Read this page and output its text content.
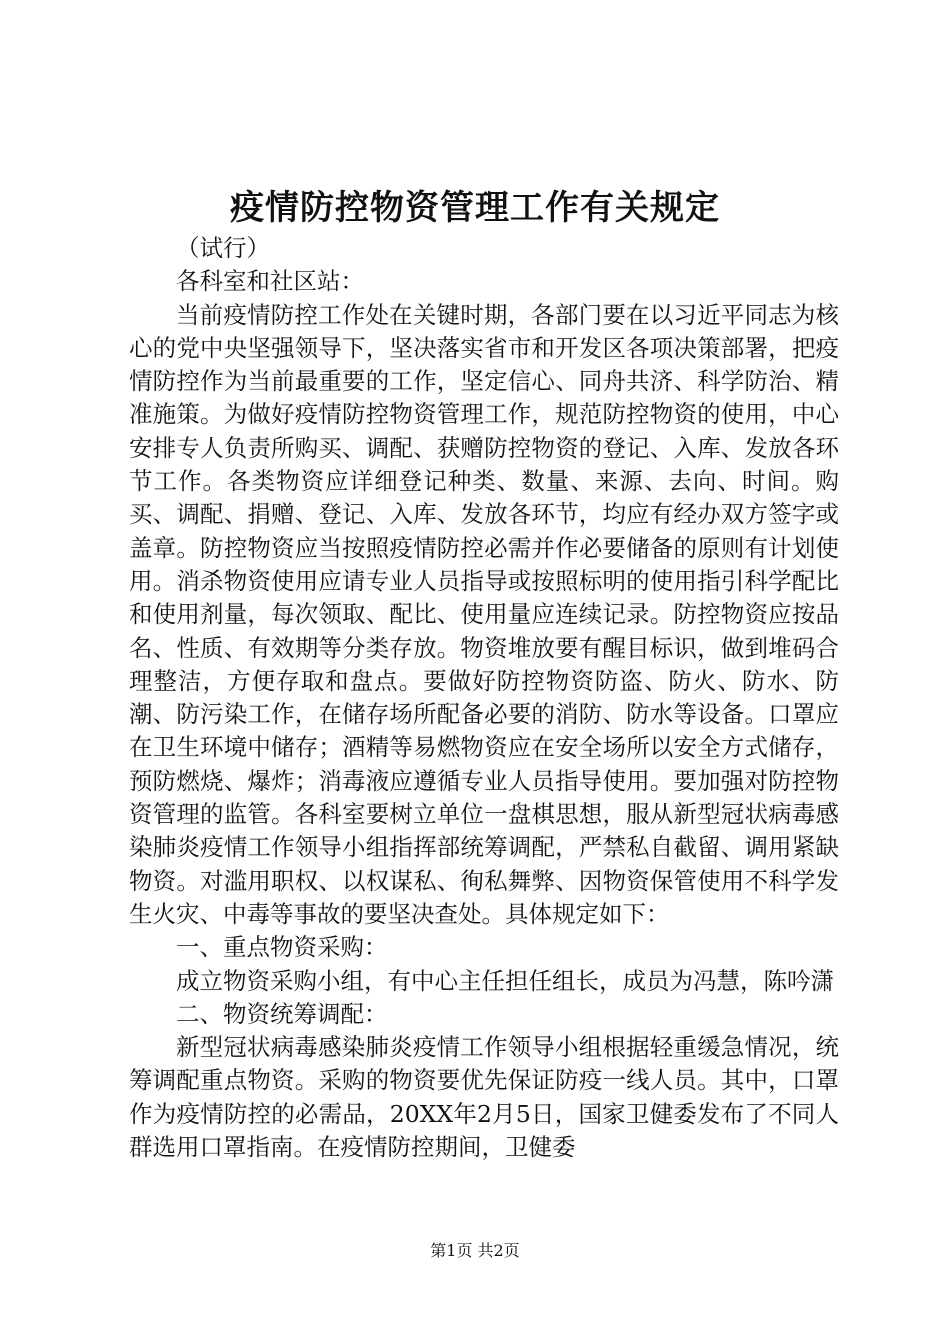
疫情防控物资管理工作有关规定

（试行）

各科室和社区站：

当前疫情防控工作处在关键时期，各部门要在以习近平同志为核心的党中央坚强领导下，坚决落实省市和开发区各项决策部署，把疫情防控作为当前最重要的工作，坚定信心、同舟共济、科学防治、精准施策。为做好疫情防控物资管理工作，规范防控物资的使用，中心安排专人负责所购买、调配、获赠防控物资的登记、入库、发放各环节工作。各类物资应详细登记种类、数量、来源、去向、时间。购买、调配、捐赠、登记、入库、发放各环节，均应有经办双方签字或盖章。防控物资应当按照疫情防控必需并作必要储备的原则有计划使用。消杀物资使用应请专业人员指导或按照标明的使用指引科学配比和使用剂量，每次领取、配比、使用量应连续记录。防控物资应按品名、性质、有效期等分类存放。物资堆放要有醒目标识，做到堆码合理整洁，方便存取和盘点。要做好防控物资防盗、防火、防水、防潮、防污染工作，在储存场所配备必要的消防、防水等设备。口罩应在卫生环境中储存；酒精等易燃物资应在安全场所以安全方式储存，预防燃烧、爆炸；消毒液应遵循专业人员指导使用。要加强对防控物资管理的监管。各科室要树立单位一盘棋思想，服从新型冠状病毒感染肺炎疫情工作领导小组指挥部统筹调配，严禁私自截留、调用紧缺物资。对滥用职权、以权谋私、徇私舞弊、因物资保管使用不科学发生火灾、中毒等事故的要坚决查处。具体规定如下：

一、重点物资采购：

成立物资采购小组，有中心主任担任组长，成员为冯慧，陈吟潇

二、物资统筹调配：

新型冠状病毒感染肺炎疫情工作领导小组根据轻重缓急情况，统筹调配重点物资。采购的物资要优先保证防疫一线人员。其中，口罩作为疫情防控的必需品，20XX年2月5日，国家卫健委发布了不同人群选用口罩指南。在疫情防控期间，卫健委

第1页 共2页
